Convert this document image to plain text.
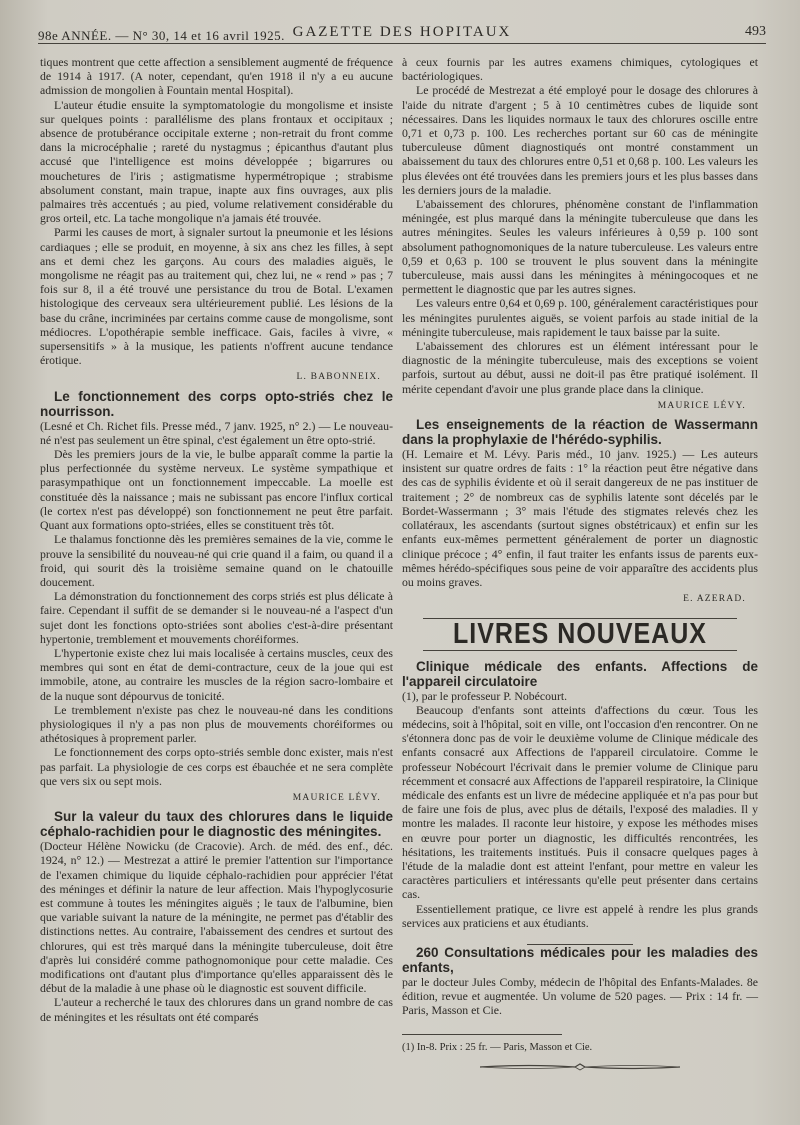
98e ANNÉE. — N° 30, 14 et 16 avril 1925. GAZETTE DES HOPITAUX	493

tiques montrent que cette affection a sensiblement augmenté de fréquence de 1914 à 1917. (A noter, cependant, qu'en 1918 il n'y a eu aucune admission de mongolien à Fountain mental Hospital).

L'auteur étudie ensuite la symptomatologie du mongolisme et insiste sur quelques points : parallélisme des plans frontaux et occipitaux ; absence de protubérance occipitale externe ; non-retrait du front comme dans la microcéphalie ; rareté du nystagmus ; épicanthus d'autant plus accusé que l'intelligence est moins développée ; bigarrures ou mouchetures de l'iris ; astigmatisme hypermétropique ; strabisme absolument constant, main trapue, inapte aux fins ouvrages, aux plis palmaires très accentués ; au pied, volume relativement considérable du gros orteil, etc. La tache mongolique n'a jamais été trouvée.

Parmi les causes de mort, à signaler surtout la pneumonie et les lésions cardiaques ; elle se produit, en moyenne, à six ans chez les filles, à sept ans et demi chez les garçons. Au cours des maladies aiguës, le mongolisme ne réagit pas au traitement qui, chez lui, ne « rend » pas ; 7 fois sur 8, il a été trouvé une persistance du trou de Botal. L'examen histologique des cerveaux sera ultérieurement publié. Les lésions de la base du crâne, incriminées par certains comme cause de mongolisme, sont médiocres. L'opothérapie semble inefficace. Gais, faciles à vivre, « supersensitifs » à la musique, les patients n'offrent aucune tendance érotique.

L. BABONNEIX.

Le fonctionnement des corps opto-striés chez le nourrisson.

(Lesné et Ch. Richet fils. Presse méd., 7 janv. 1925, n° 2.) — Le nouveau-né n'est pas seulement un être spinal, c'est également un être opto-strié.

Dès les premiers jours de la vie, le bulbe apparaît comme la partie la plus perfectionnée du système nerveux. Le système sympathique et parasympathique ont un fonctionnement impeccable. La moelle est constituée dès la naissance ; mais ne subissant pas encore l'influx cortical (le cortex n'est pas développé) son fonctionnement ne peut être parfait. Quant aux formations opto-striées, elles se constituent très tôt.

Le thalamus fonctionne dès les premières semaines de la vie, comme le prouve la sensibilité du nouveau-né qui crie quand il a faim, ou quand il a froid, qui sourit dès la troisième semaine quand on le chatouille doucement.

La démonstration du fonctionnement des corps striés est plus délicate à faire. Cependant il suffit de se demander si le nouveau-né a l'aspect d'un sujet dont les fonctions opto-striées sont abolies c'est-à-dire présentant hypertonie, tremblement et mouvements choréiformes.

L'hypertonie existe chez lui mais localisée à certains muscles, ceux des membres qui sont en état de demi-contracture, ceux de la joue qui est immobile, atone, au contraire les muscles de la région sacro-lombaire et de la nuque sont dépourvus de tonicité.

Le tremblement n'existe pas chez le nouveau-né dans les conditions physiologiques il n'y a pas non plus de mouvements choréiformes ou athétosiques à proprement parler.

Le fonctionnement des corps opto-striés semble donc exister, mais n'est pas parfait. La physiologie de ces corps est ébauchée et ne sera complète que vers six ou sept mois.

MAURICE LÉVY.

Sur la valeur du taux des chlorures dans le liquide céphalo-rachidien pour le diagnostic des méningites.

(Docteur Hélène Nowicku (de Cracovie). Arch. de méd. des enf., déc. 1924, n° 12.) — Mestrezat a attiré le premier l'attention sur l'importance de l'examen chimique du liquide céphalo-rachidien pour apprécier l'état des méninges et définir la nature de leur affection. Mais l'hypoglycosurie est commune à toutes les méningites aiguës ; le taux de l'albumine, bien que variable suivant la nature de la méningite, ne permet pas d'établir des distinctions nettes. Au contraire, l'abaissement des cendres et surtout des chlorures, qui est très marqué dans la méningite tuberculeuse, doit être d'après lui considéré comme pathognomonique pour cette maladie. Ces modifications ont d'autant plus d'importance qu'elles apparaissent dès le début de la maladie à une phase où le diagnostic est souvent difficile.

L'auteur a recherché le taux des chlorures dans un grand nombre de cas de méningites et les résultats ont été comparés

à ceux fournis par les autres examens chimiques, cytologiques et bactériologiques.

Le procédé de Mestrezat a été employé pour le dosage des chlorures à l'aide du nitrate d'argent ; 5 à 10 centimètres cubes de liquide sont nécessaires. Dans les liquides normaux le taux des chlorures oscille entre 0,71 et 0,73 p. 100. Les recherches portant sur 60 cas de méningite tuberculeuse dûment diagnostiqués ont montré constamment un abaissement du taux des chlorures entre 0,51 et 0,68 p. 100. Les valeurs les plus élevées ont été trouvées dans les premiers jours et les plus basses dans les derniers jours de la maladie.

L'abaissement des chlorures, phénomène constant de l'inflammation méningée, est plus marqué dans la méningite tuberculeuse que dans les autres méningites. Seules les valeurs inférieures à 0,59 p. 100 sont absolument pathognomoniques de la nature tuberculeuse. Les valeurs entre 0,59 et 0,63 p. 100 se trouvent le plus souvent dans la méningite tuberculeuse, mais aussi dans les méningites à méningocoques et ne permettent le diagnostic que par les autres signes.

Les valeurs entre 0,64 et 0,69 p. 100, généralement caractéristiques pour les méningites purulentes aiguës, se voient parfois au stade initial de la méningite tuberculeuse, mais rapidement le taux baisse par la suite.

L'abaissement des chlorures est un élément intéressant pour le diagnostic de la méningite tuberculeuse, mais des exceptions se voient parfois, surtout au début, aussi ne doit-il pas être pratiqué isolément. Il mérite cependant d'avoir une plus grande place dans la clinique.

MAURICE LÉVY.

Les enseignements de la réaction de Wassermann dans la prophylaxie de l'hérédo-syphilis.

(H. Lemaire et M. Lévy. Paris méd., 10 janv. 1925.) — Les auteurs insistent sur quatre ordres de faits : 1° la réaction peut être négative dans des cas de syphilis évidente et où il serait dangereux de ne pas instituer de traitement ; 2° de nombreux cas de syphilis latente sont décelés par le Bordet-Wassermann ; 3° mais l'étude des stigmates relevés chez les collatéraux, les ascendants (surtout signes obstétricaux) et enfin sur les enfants eux-mêmes permettent généralement de porter un diagnostic clinique précoce ; 4° enfin, il faut traiter les enfants issus de parents eux-mêmes hérédo-spécifiques sous peine de voir apparaître des accidents plus ou moins graves.

E. AZERAD.
LIVRES NOUVEAUX

Clinique médicale des enfants. Affections de l'appareil circulatoire

(1), par le professeur P. Nobécourt.

Beaucoup d'enfants sont atteints d'affections du cœur. Tous les médecins, soit à l'hôpital, soit en ville, ont l'occasion d'en rencontrer. On ne s'étonnera donc pas de voir le deuxième volume de Clinique médicale des enfants consacré aux Affections de l'appareil circulatoire. Comme le professeur Nobécourt l'écrivait dans le premier volume de Clinique paru récemment et consacré aux Affections de l'appareil respiratoire, la Clinique médicale des enfants est un livre de médecine appliquée et n'a pas pour but de faire une fois de plus, avec plus de détails, l'exposé des maladies. Il y montre les malades. Il raconte leur histoire, y expose les méthodes mises en œuvre pour porter un diagnostic, les difficultés rencontrées, les hésitations, les traitements institués. Puis il consacre quelques pages à l'étude de la maladie dont est atteint l'enfant, pour mettre en valeur les caractères particuliers et intéressants qu'elle peut présenter dans certains cas.

Essentiellement pratique, ce livre est appelé à rendre les plus grands services aux praticiens et aux étudiants.

260 Consultations médicales pour les maladies des enfants,

par le docteur Jules Comby, médecin de l'hôpital des Enfants-Malades. 8e édition, revue et augmentée. Un volume de 520 pages. — Prix : 14 fr. — Paris, Masson et Cie.

(1) In-8. Prix : 25 fr. — Paris, Masson et Cie.
